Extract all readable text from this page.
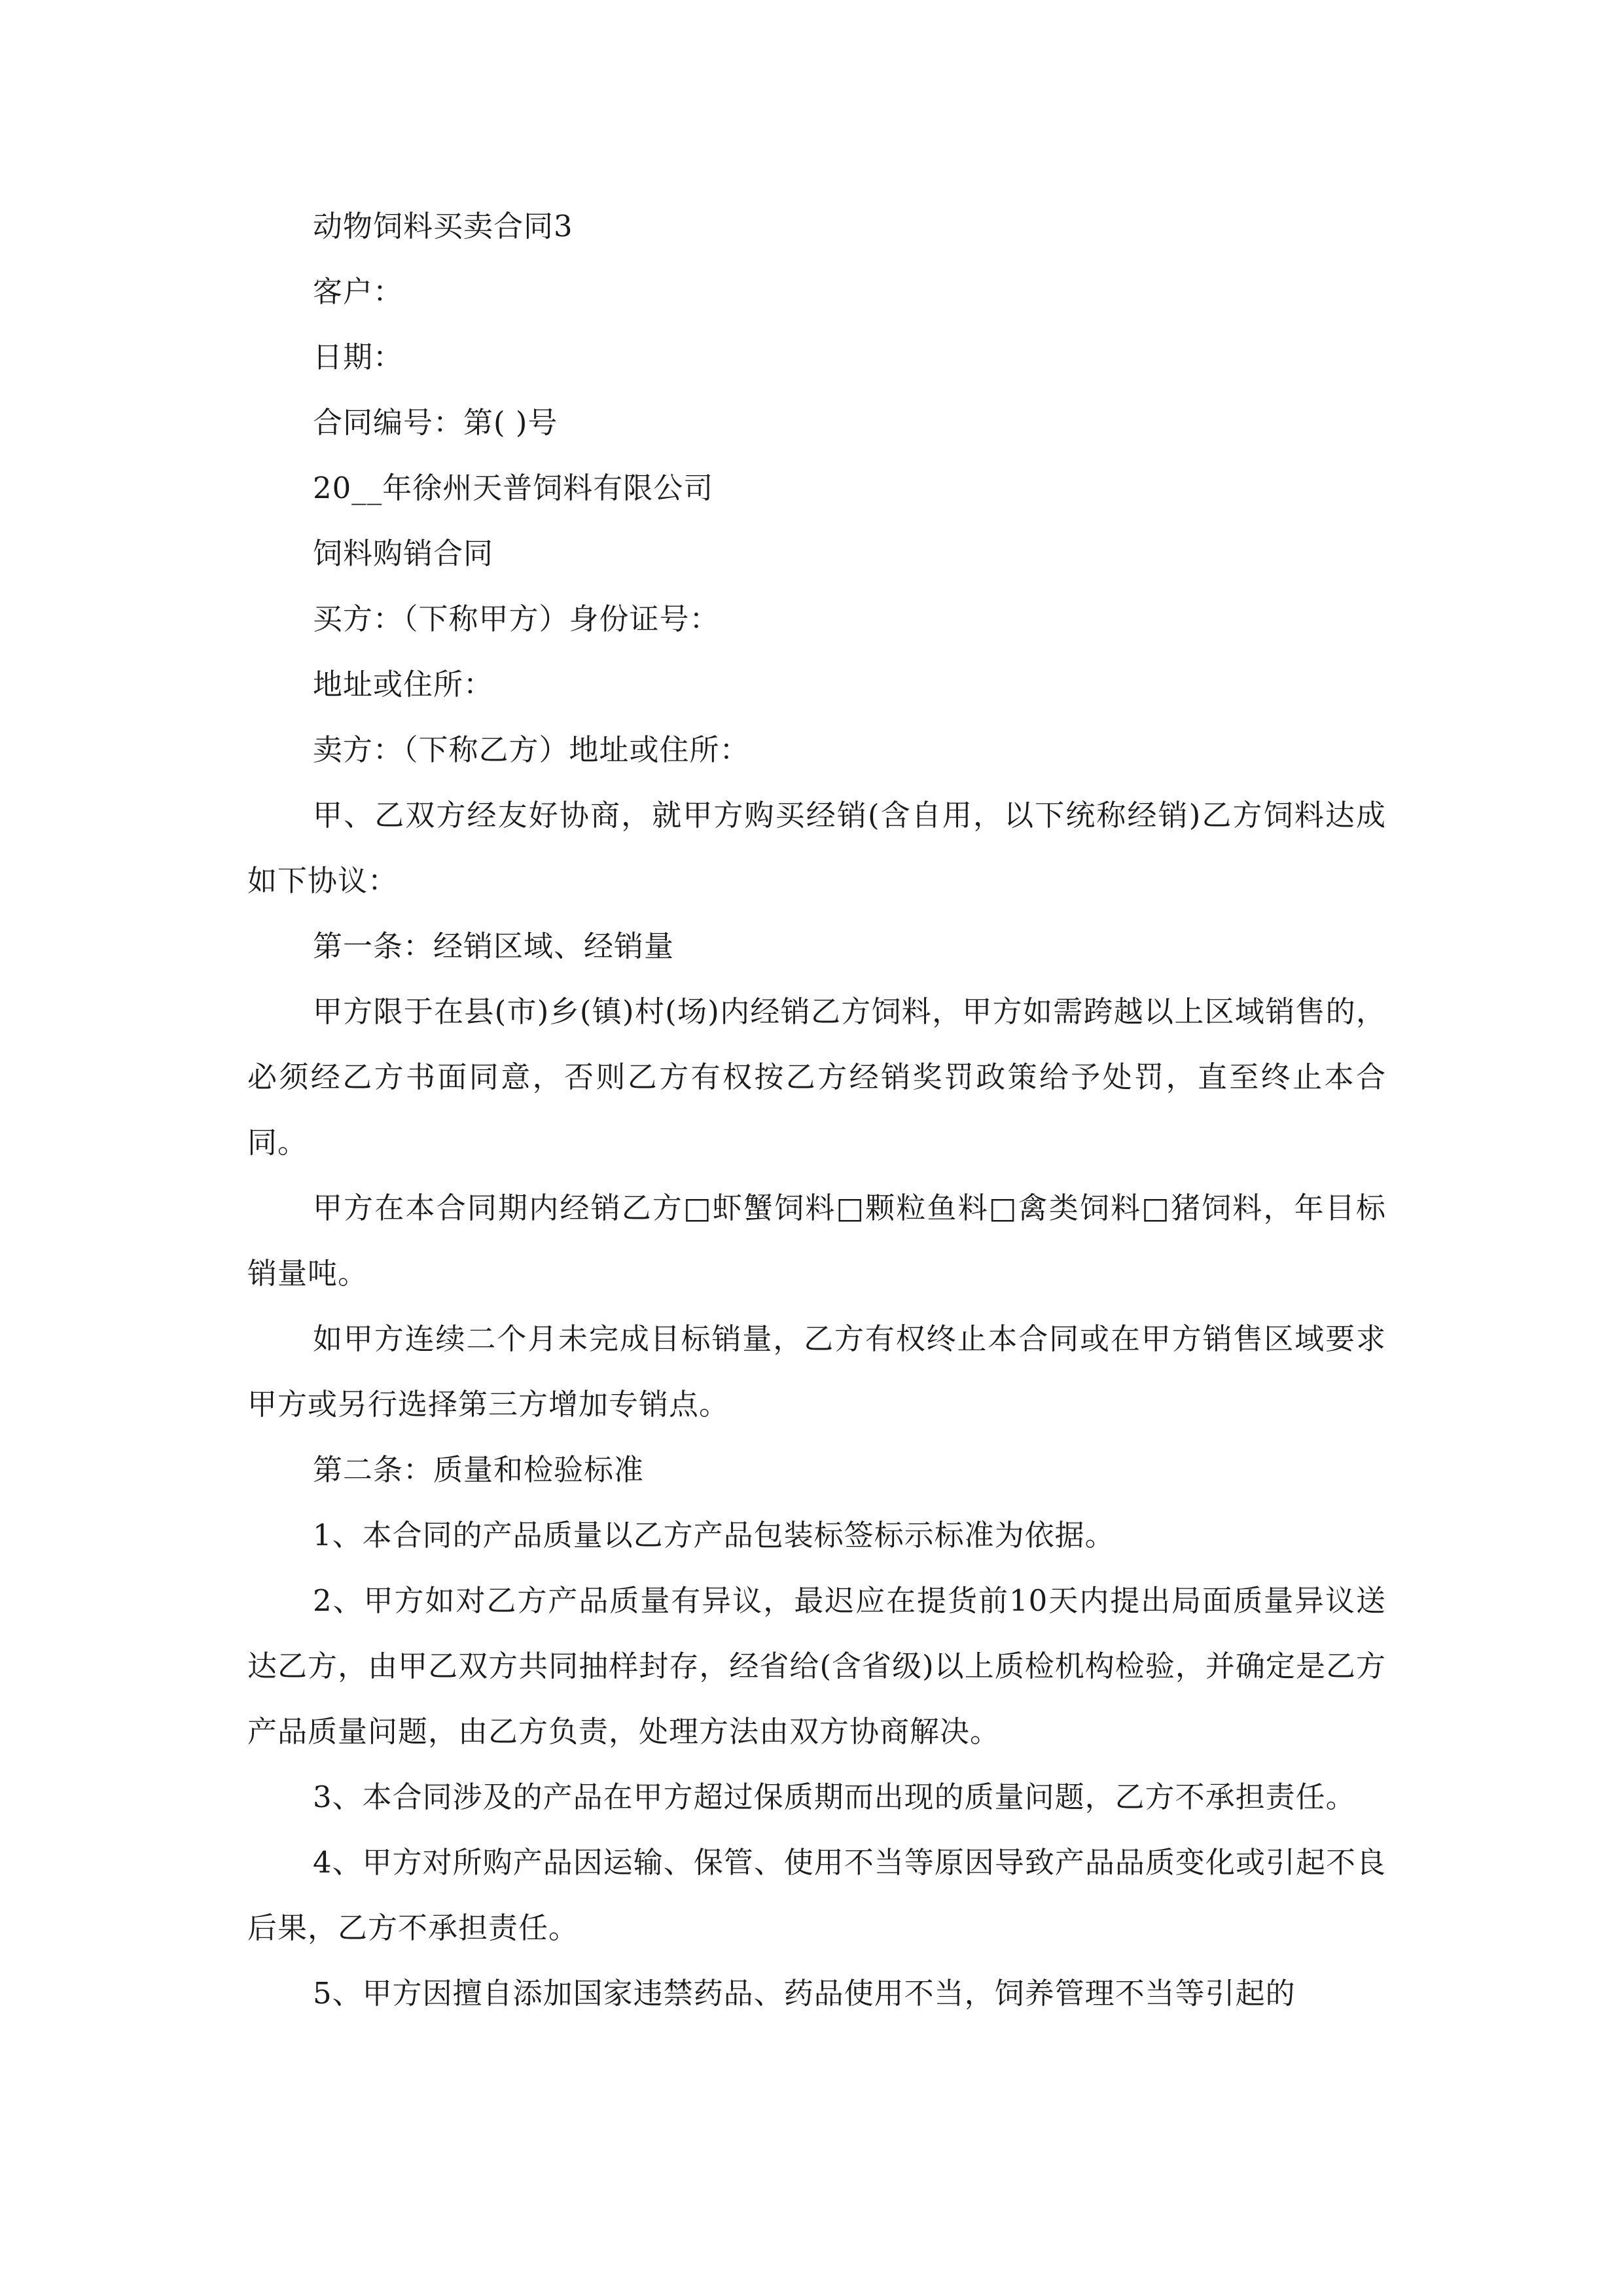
动物饲料买卖合同3

客户：

日期：

合同编号：第( )号

20__年徐州天普饲料有限公司

饲料购销合同

买方：（下称甲方）身份证号：

地址或住所：

卖方：（下称乙方）地址或住所：

甲、乙双方经友好协商，就甲方购买经销(含自用，以下统称经销)乙方饲料达成如下协议：

第一条：经销区域、经销量

甲方限于在县(市)乡(镇)村(场)内经销乙方饲料，甲方如需跨越以上区域销售的，必须经乙方书面同意，否则乙方有权按乙方经销奖罚政策给予处罚，直至终止本合同。

甲方在本合同期内经销乙方□虾蟹饲料□颗粒鱼料□禽类饲料□猪饲料，年目标销量吨。

如甲方连续二个月未完成目标销量，乙方有权终止本合同或在甲方销售区域要求甲方或另行选择第三方增加专销点。

第二条：质量和检验标准

1、本合同的产品质量以乙方产品包装标签标示标准为依据。

2、甲方如对乙方产品质量有异议，最迟应在提货前10天内提出局面质量异议送达乙方，由甲乙双方共同抽样封存，经省给(含省级)以上质检机构检验，并确定是乙方产品质量问题，由乙方负责，处理方法由双方协商解决。

3、本合同涉及的产品在甲方超过保质期而出现的质量问题，乙方不承担责任。

4、甲方对所购产品因运输、保管、使用不当等原因导致产品品质变化或引起不良后果，乙方不承担责任。

5、甲方因擅自添加国家违禁药品、药品使用不当，饲养管理不当等引起的
